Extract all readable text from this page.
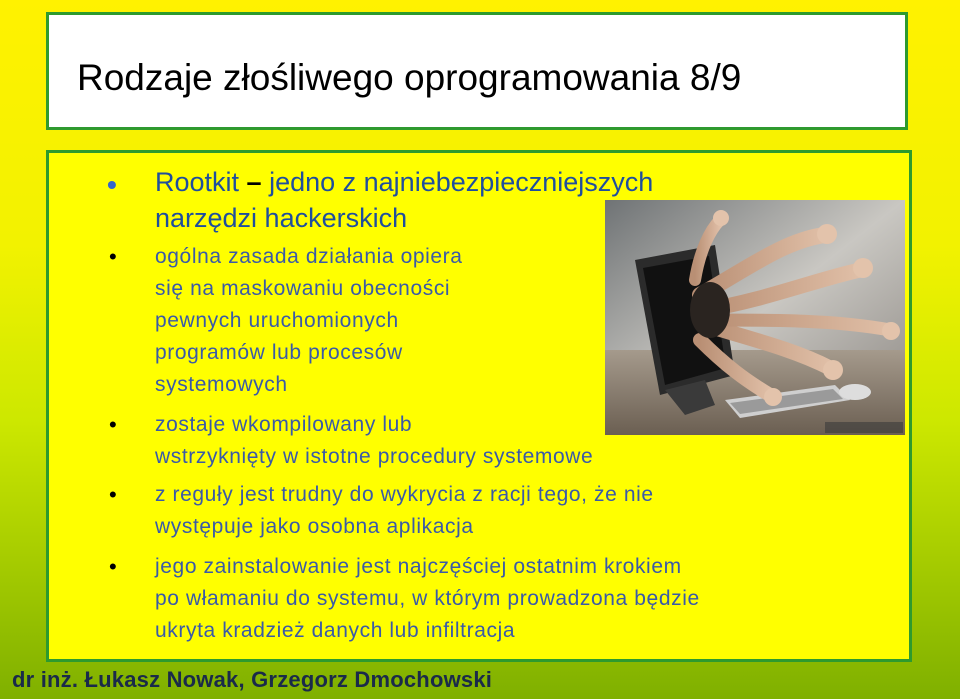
Rodzaje złośliwego oprogramowania 8/9
• Rootkit – jedno z najniebezpieczniejszych
narzędzi hackerskich
• ogólna zasada działania opiera
się na maskowaniu obecności
pewnych uruchomionych
programów lub procesów
systemowych
• zostaje wkompilowany lub
wstrzyknięty w istotne procedury systemowe
• z reguły jest trudny do wykrycia z racji tego, że nie
występuje jako osobna aplikacja
• jego zainstalowanie jest najczęściej ostatnim krokiem
po włamaniu do systemu, w którym prowadzona będzie
ukryta kradzież danych lub infiltracja
dr inż. Łukasz Nowak, Grzegorz Dmochowski
